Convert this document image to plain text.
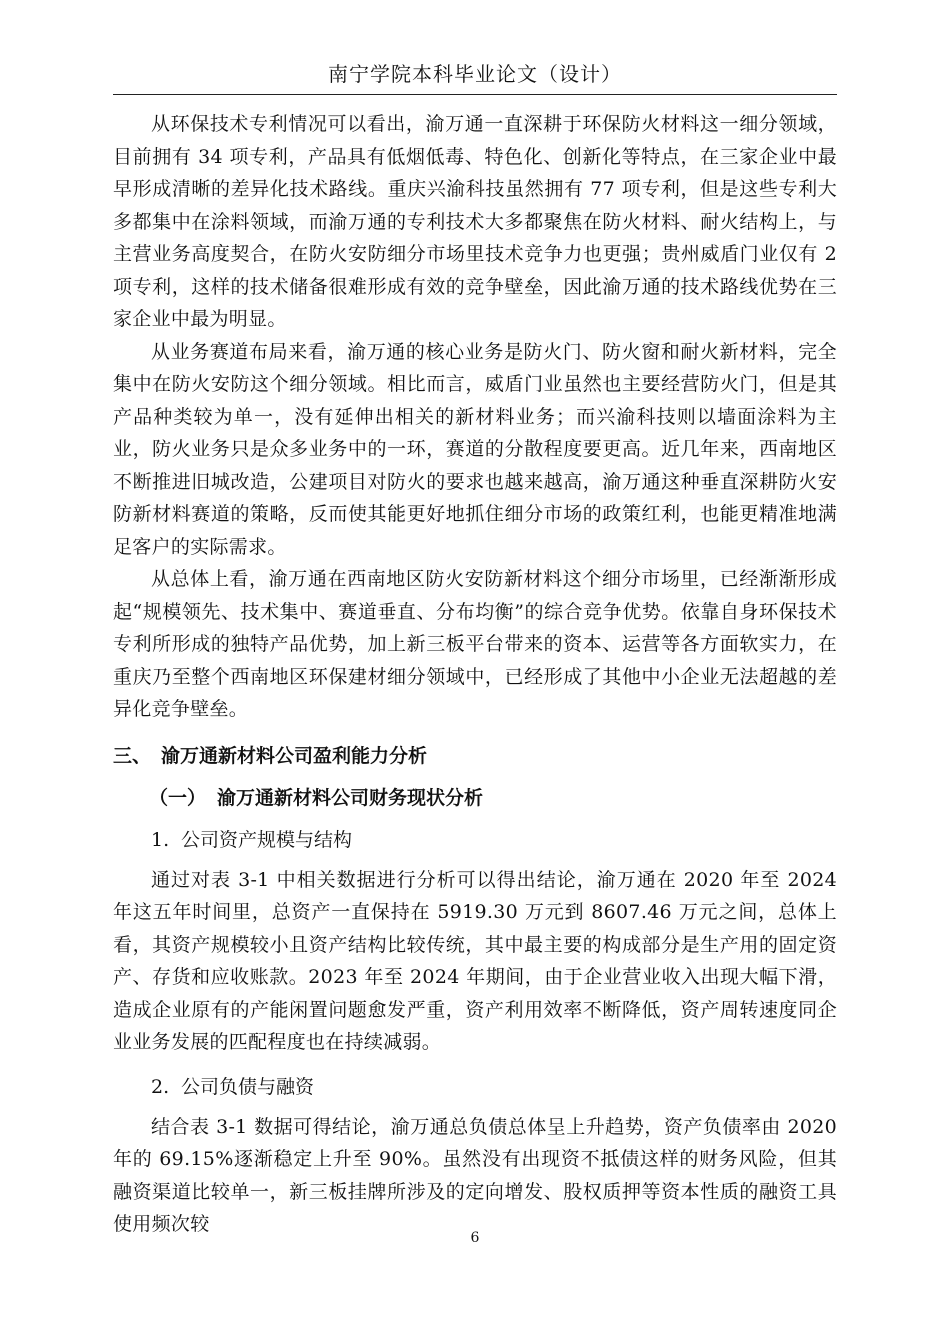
南宁学院本科毕业论文（设计）

从环保技术专利情况可以看出，渝万通一直深耕于环保防火材料这一细分领域，目前拥有 34 项专利，产品具有低烟低毒、特色化、创新化等特点，在三家企业中最早形成清晰的差异化技术路线。重庆兴渝科技虽然拥有 77 项专利，但是这些专利大多都集中在涂料领域，而渝万通的专利技术大多都聚焦在防火材料、耐火结构上，与主营业务高度契合，在防火安防细分市场里技术竞争力也更强；贵州威盾门业仅有 2 项专利，这样的技术储备很难形成有效的竞争壁垒，因此渝万通的技术路线优势在三家企业中最为明显。

从业务赛道布局来看，渝万通的核心业务是防火门、防火窗和耐火新材料，完全集中在防火安防这个细分领域。相比而言，威盾门业虽然也主要经营防火门，但是其产品种类较为单一，没有延伸出相关的新材料业务；而兴渝科技则以墙面涂料为主业，防火业务只是众多业务中的一环，赛道的分散程度要更高。近几年来，西南地区不断推进旧城改造，公建项目对防火的要求也越来越高，渝万通这种垂直深耕防火安防新材料赛道的策略，反而使其能更好地抓住细分市场的政策红利，也能更精准地满足客户的实际需求。

从总体上看，渝万通在西南地区防火安防新材料这个细分市场里，已经渐渐形成起“规模领先、技术集中、赛道垂直、分布均衡”的综合竞争优势。依靠自身环保技术专利所形成的独特产品优势，加上新三板平台带来的资本、运营等各方面软实力，在重庆乃至整个西南地区环保建材细分领域中，已经形成了其他中小企业无法超越的差异化竞争壁垒。

三、 渝万通新材料公司盈利能力分析
（一） 渝万通新材料公司财务现状分析
1. 公司资产规模与结构

通过对表 3-1 中相关数据进行分析可以得出结论，渝万通在 2020 年至 2024 年这五年时间里，总资产一直保持在 5919.30 万元到 8607.46 万元之间，总体上看，其资产规模较小且资产结构比较传统，其中最主要的构成部分是生产用的固定资产、存货和应收账款。2023 年至 2024 年期间，由于企业营业收入出现大幅下滑，造成企业原有的产能闲置问题愈发严重，资产利用效率不断降低，资产周转速度同企业业务发展的匹配程度也在持续减弱。

2. 公司负债与融资

结合表 3-1 数据可得结论，渝万通总负债总体呈上升趋势，资产负债率由 2020 年的 69.15%逐渐稳定上升至 90%。虽然没有出现资不抵债这样的财务风险，但其融资渠道比较单一，新三板挂牌所涉及的定向增发、股权质押等资本性质的融资工具使用频次较

6
